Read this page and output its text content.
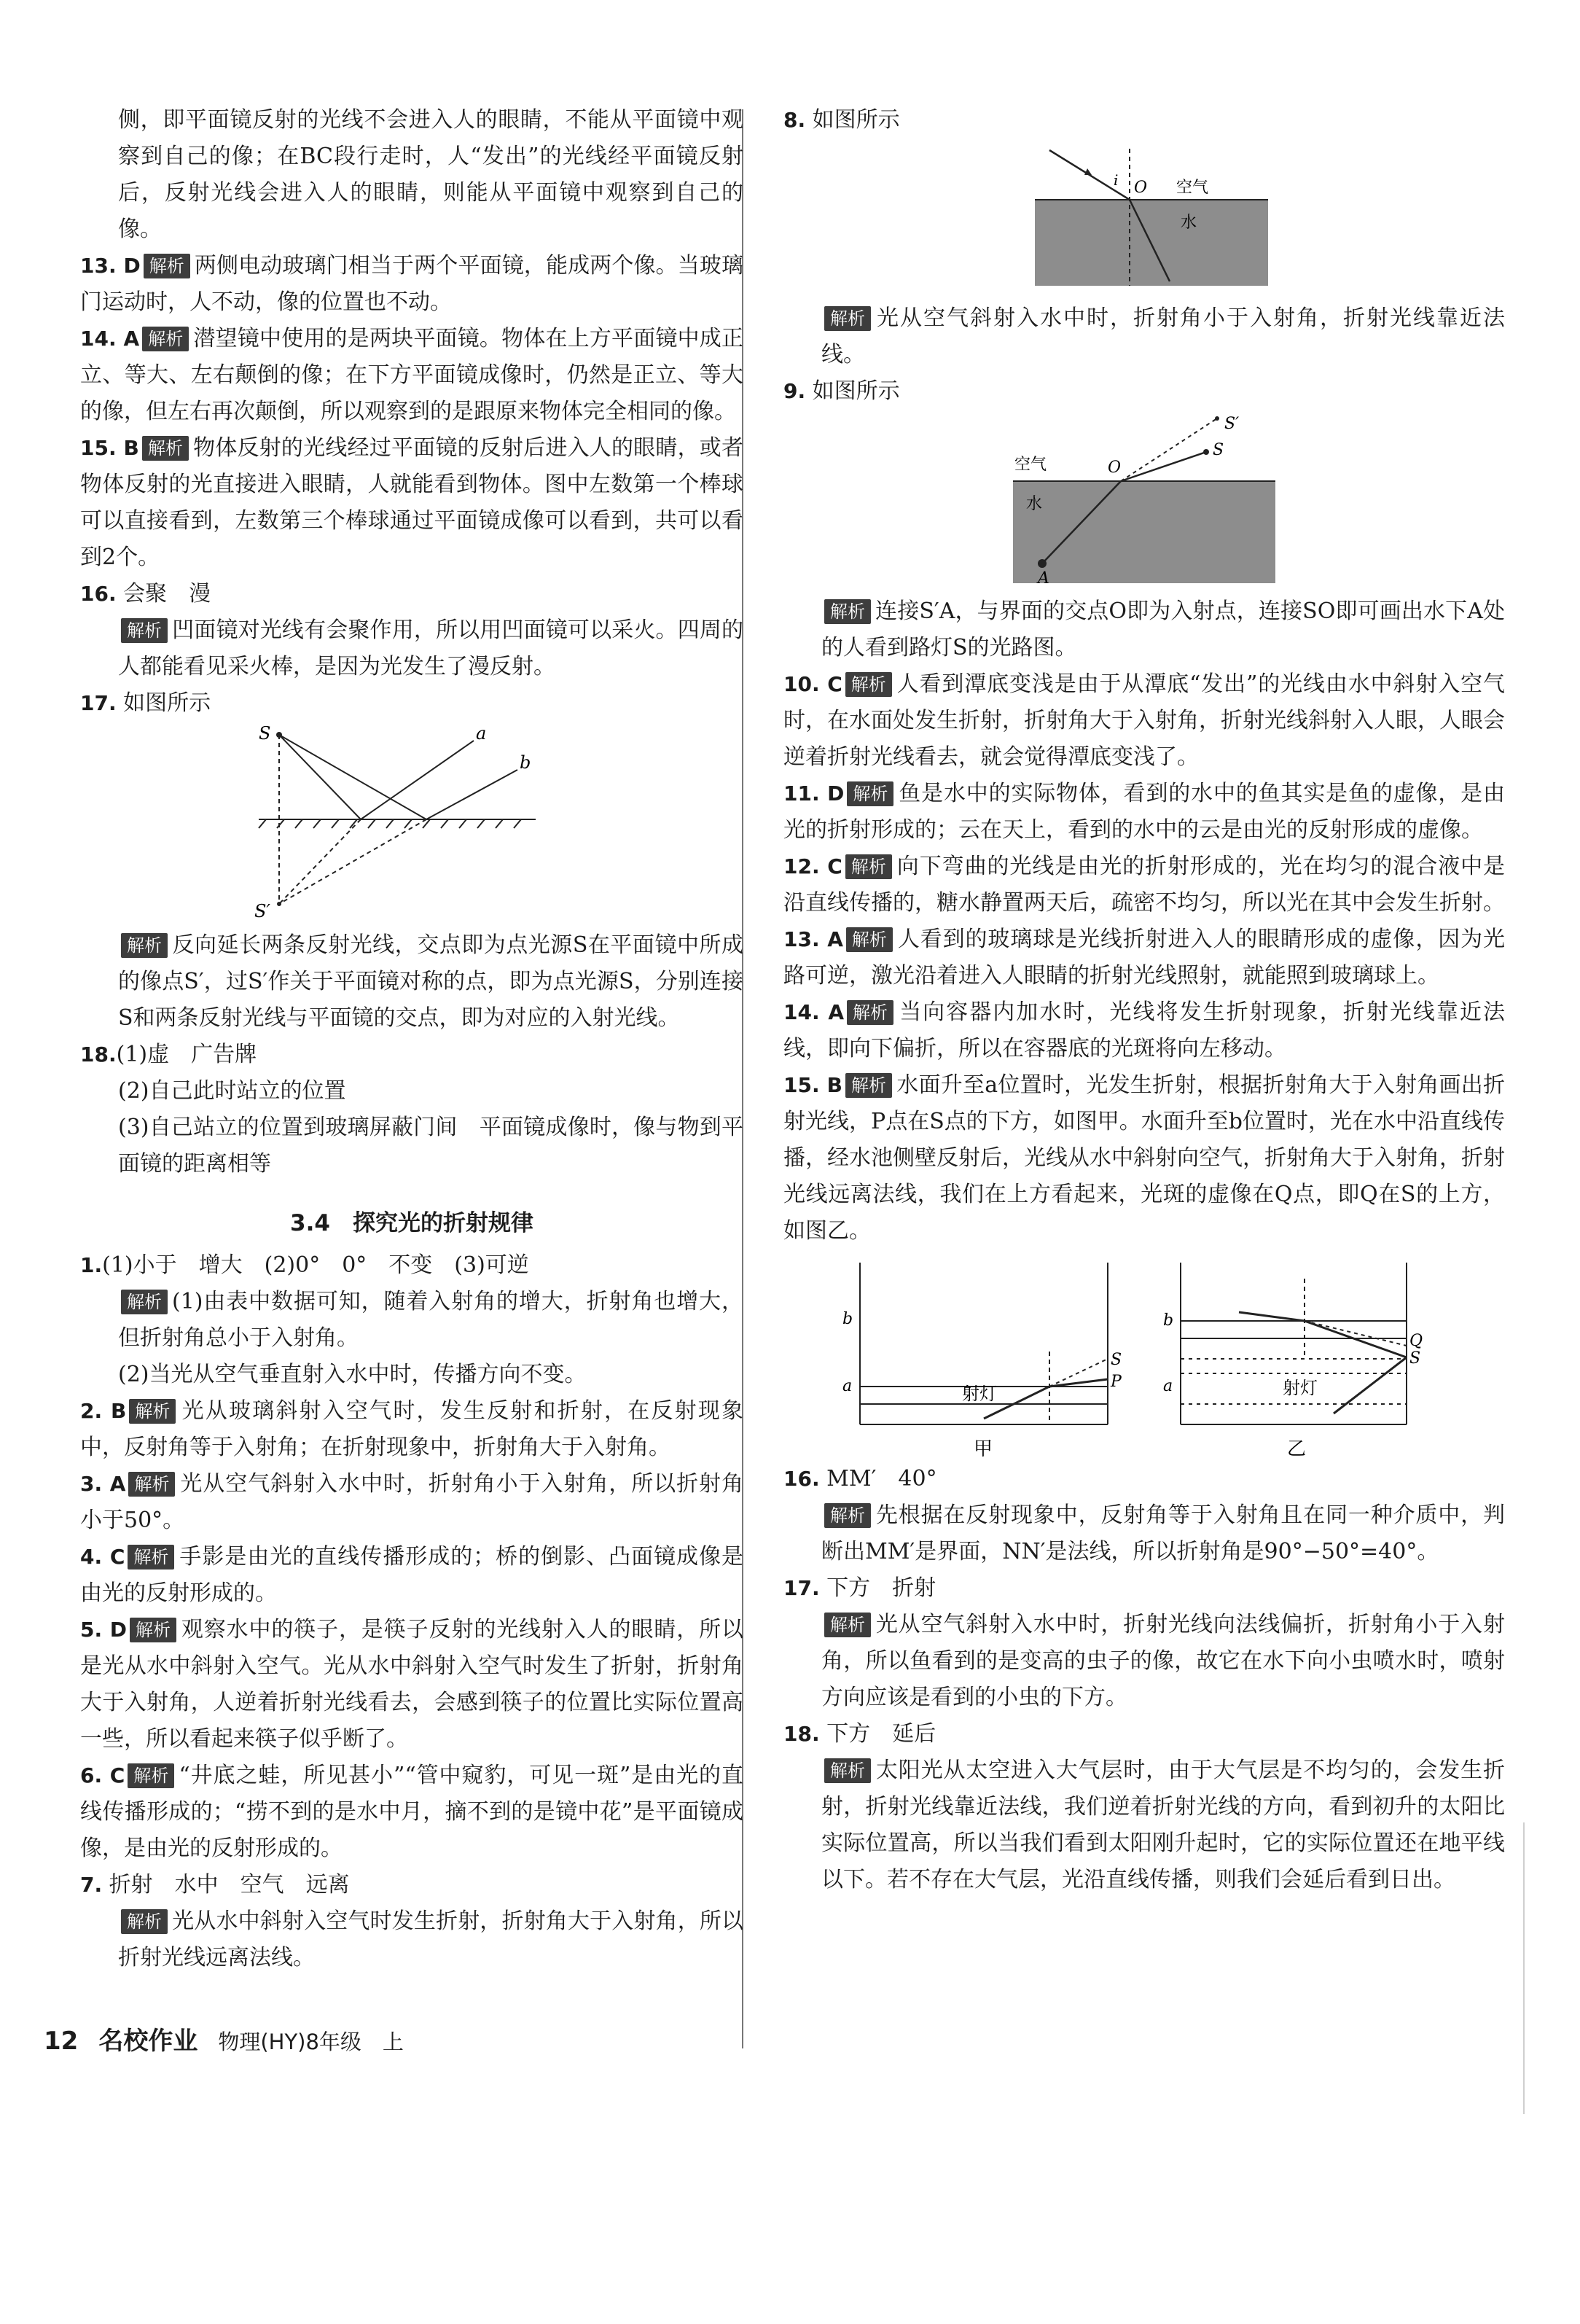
侧，即平面镜反射的光线不会进入人的眼睛，不能从平面镜中观察到自己的像；在BC段行走时，人“发出”的光线经平面镜反射后，反射光线会进入人的眼睛，则能从平面镜中观察到自己的像。

13. D 解析 两侧电动玻璃门相当于两个平面镜，能成两个像。当玻璃门运动时，人不动，像的位置也不动。

14. A 解析 潜望镜中使用的是两块平面镜。物体在上方平面镜中成正立、等大、左右颠倒的像；在下方平面镜成像时，仍然是正立、等大的像，但左右再次颠倒，所以观察到的是跟原来物体完全相同的像。

15. B 解析 物体反射的光线经过平面镜的反射后进入人的眼睛，或者物体反射的光直接进入眼睛，人就能看到物体。图中左数第一个棒球可以直接看到，左数第三个棒球通过平面镜成像可以看到，共可以看到2个。

16. 会聚　漫

解析 凹面镜对光线有会聚作用，所以用凹面镜可以采火。四周的人都能看见采火棒，是因为光发生了漫反射。

17. 如图所示

S	a
b
S′

解析 反向延长两条反射光线，交点即为点光源S在平面镜中所成的像点S′，过S′作关于平面镜对称的点，即为点光源S，分别连接S和两条反射光线与平面镜的交点，即为对应的入射光线。

18.(1)虚　广告牌

(2)自己此时站立的位置

(3)自己站立的位置到玻璃屏蔽门间　平面镜成像时，像与物到平面镜的距离相等

3.4　探究光的折射规律

1.(1)小于　增大　(2)0°　0°　不变　(3)可逆

解析 (1)由表中数据可知，随着入射角的增大，折射角也增大，但折射角总小于入射角。

(2)当光从空气垂直射入水中时，传播方向不变。

2. B 解析 光从玻璃斜射入空气时，发生反射和折射，在反射现象中，反射角等于入射角；在折射现象中，折射角大于入射角。

3. A 解析 光从空气斜射入水中时，折射角小于入射角，所以折射角小于50°。

4. C 解析 手影是由光的直线传播形成的；桥的倒影、凸面镜成像是由光的反射形成的。

5. D 解析 观察水中的筷子，是筷子反射的光线射入人的眼睛，所以是光从水中斜射入空气。光从水中斜射入空气时发生了折射，折射角大于入射角，人逆着折射光线看去，会感到筷子的位置比实际位置高一些，所以看起来筷子似乎断了。

6. C 解析 “井底之蛙，所见甚小”“管中窥豹，可见一斑”是由光的直线传播形成的；“捞不到的是水中月，摘不到的是镜中花”是平面镜成像，是由光的反射形成的。

7. 折射　水中　空气　远离

解析 光从水中斜射入空气时发生折射，折射角大于入射角，所以折射光线远离法线。

8. 如图所示

i O 空气
水

解析 光从空气斜射入水中时，折射角小于入射角，折射光线靠近法线。

9. 如图所示

S′
S
O
空气
水
A

解析 连接S′A，与界面的交点O即为入射点，连接SO即可画出水下A处的人看到路灯S的光路图。

10. C 解析 人看到潭底变浅是由于从潭底“发出”的光线由水中斜射入空气时，在水面处发生折射，折射角大于入射角，折射光线斜射入人眼，人眼会逆着折射光线看去，就会觉得潭底变浅了。

11. D 解析 鱼是水中的实际物体，看到的水中的鱼其实是鱼的虚像，是由光的折射形成的；云在天上，看到的水中的云是由光的反射形成的虚像。

12. C 解析 向下弯曲的光线是由光的折射形成的，光在均匀的混合液中是沿直线传播的，糖水静置两天后，疏密不均匀，所以光在其中会发生折射。

13. A 解析 人看到的玻璃球是光线折射进入人的眼睛形成的虚像，因为光路可逆，激光沿着进入人眼睛的折射光线照射，就能照到玻璃球上。

14. A 解析 当向容器内加水时，光线将发生折射现象，折射光线靠近法线，即向下偏折，所以在容器底的光斑将向左移动。

15. B 解析 水面升至a位置时，光发生折射，根据折射角大于入射角画出折射光线，P点在S点的下方，如图甲。水面升至b位置时，光在水中沿直线传播，经水池侧壁反射后，光线从水中斜射向空气，折射角大于入射角，折射光线远离法线，我们在上方看起来，光斑的虚像在Q点，即Q在S的上方，如图乙。

b
a
S
P
射灯
甲
b
a
Q
S
射灯
乙

16. MM′　40°

解析 先根据在反射现象中，反射角等于入射角且在同一种介质中，判断出MM′是界面，NN′是法线，所以折射角是90°−50°=40°。

17. 下方　折射

解析 光从空气斜射入水中时，折射光线向法线偏折，折射角小于入射角，所以鱼看到的是变高的虫子的像，故它在水下向小虫喷水时，喷射方向应该是看到的小虫的下方。

18. 下方　延后

解析 太阳光从太空进入大气层时，由于大气层是不均匀的，会发生折射，折射光线靠近法线，我们逆着折射光线的方向，看到初升的太阳比实际位置高，所以当我们看到太阳刚升起时，它的实际位置还在地平线以下。若不存在大气层，光沿直线传播，则我们会延后看到日出。

12 名校作业 物理(HY)8年级　上
